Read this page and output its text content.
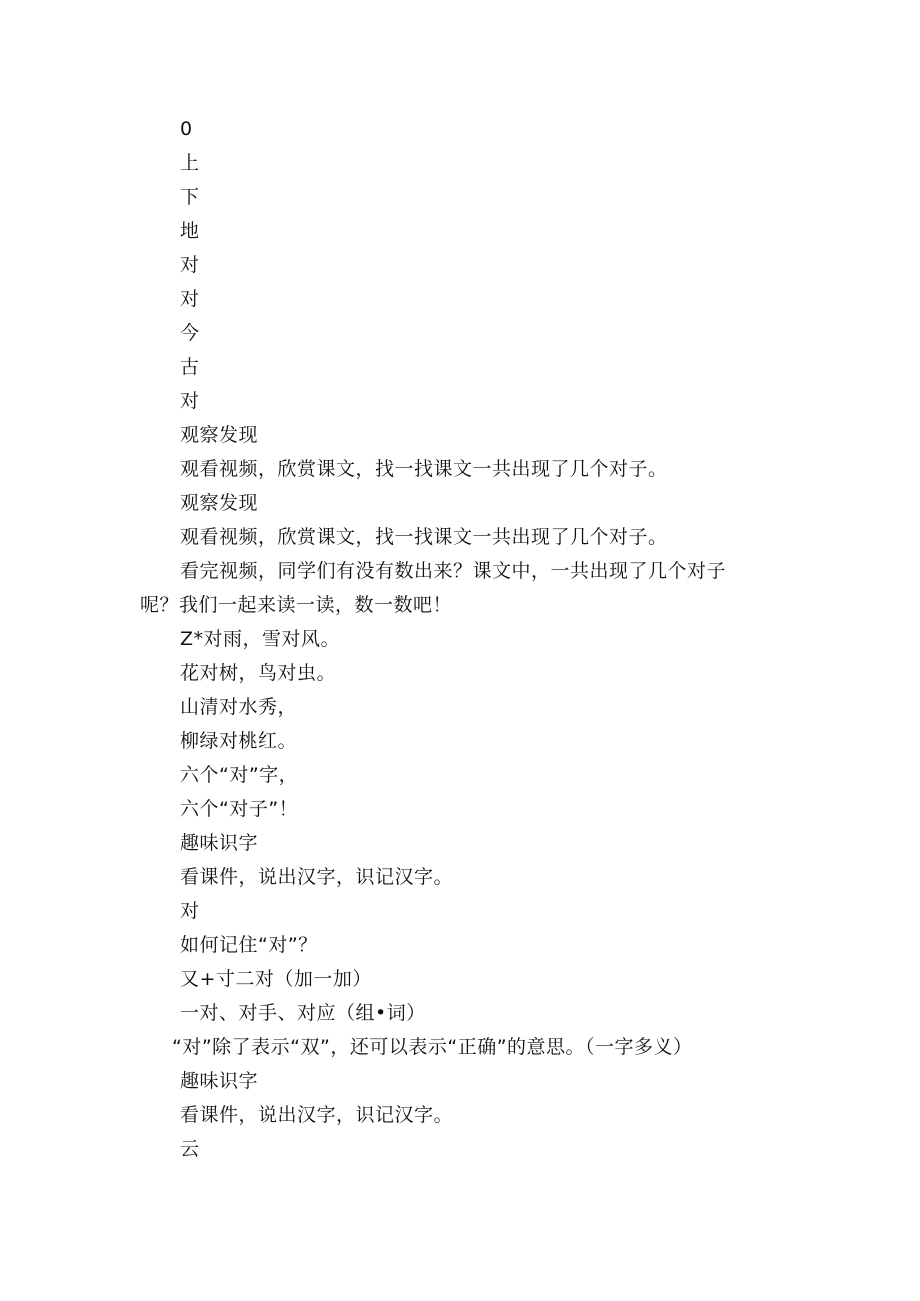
0
上
下
地
对
对
今
古
对
观察发现
观看视频，欣赏课文，找一找课文一共出现了几个对子。
观察发现
观看视频，欣赏课文，找一找课文一共出现了几个对子。
看完视频，同学们有没有数出来？课文中，一共出现了几个对子呢？我们一起来读一读，数一数吧！
Z*对雨，雪对风。
花对树，鸟对虫。
山清对水秀，
柳绿对桃红。
六个“对”字，
六个“对子”！
趣味识字
看课件，说出汉字，识记汉字。
对
如何记住“对”？
又+寸二对（加一加）
一对、对手、对应（组•词）
“对”除了表示“双”，还可以表示“正确”的意思。（一字多义）
趣味识字
看课件，说出汉字，识记汉字。
云
